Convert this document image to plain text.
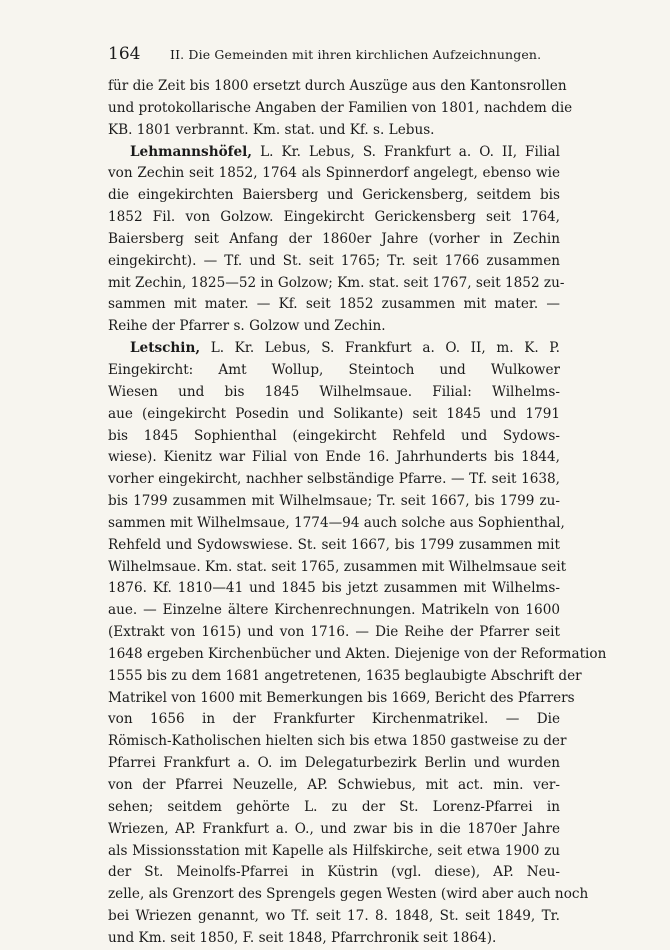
164	II. Die Gemeinden mit ihren kirchlichen Aufzeichnungen.
für die Zeit bis 1800 ersetzt durch Auszüge aus den Kantonsrollen
und protokollarische Angaben der Familien von 1801, nachdem die
KB. 1801 verbrannt. Km. stat. und Kf. s. Lebus.
Lehmannshöfel, L. Kr. Lebus, S. Frankfurt a. O. II, Filial
von Zechin seit 1852, 1764 als Spinnerdorf angelegt, ebenso wie
die eingekirchten Baiersberg und Gerickensberg, seitdem bis
1852 Fil. von Golzow. Eingekircht Gerickensberg seit 1764,
Baiersberg seit Anfang der 1860er Jahre (vorher in Zechin
eingekircht). — Tf. und St. seit 1765; Tr. seit 1766 zusammen
mit Zechin, 1825—52 in Golzow; Km. stat. seit 1767, seit 1852 zu-
sammen mit mater. — Kf. seit 1852 zusammen mit mater. —
Reihe der Pfarrer s. Golzow und Zechin.
Letschin, L. Kr. Lebus, S. Frankfurt a. O. II, m. K. P.
Eingekircht: Amt Wollup, Steintoch und Wulkower
Wiesen und bis 1845 Wilhelmsaue. Filial: Wilhelms-
aue (eingekircht Posedin und Solikante) seit 1845 und 1791
bis 1845 Sophienthal (eingekircht Rehfeld und Sydows-
wiese). Kienitz war Filial von Ende 16. Jahrhunderts bis 1844,
vorher eingekircht, nachher selbständige Pfarre. — Tf. seit 1638,
bis 1799 zusammen mit Wilhelmsaue; Tr. seit 1667, bis 1799 zu-
sammen mit Wilhelmsaue, 1774—94 auch solche aus Sophienthal,
Rehfeld und Sydowswiese. St. seit 1667, bis 1799 zusammen mit
Wilhelmsaue. Km. stat. seit 1765, zusammen mit Wilhelmsaue seit
1876. Kf. 1810—41 und 1845 bis jetzt zusammen mit Wilhelms-
aue. — Einzelne ältere Kirchenrechnungen. Matrikeln von 1600
(Extrakt von 1615) und von 1716. — Die Reihe der Pfarrer seit
1648 ergeben Kirchenbücher und Akten. Diejenige von der Reformation
1555 bis zu dem 1681 angetretenen, 1635 beglaubigte Abschrift der
Matrikel von 1600 mit Bemerkungen bis 1669, Bericht des Pfarrers
von 1656 in der Frankfurter Kirchenmatrikel. — Die
Römisch-Katholischen hielten sich bis etwa 1850 gastweise zu der
Pfarrei Frankfurt a. O. im Delegaturbezirk Berlin und wurden
von der Pfarrei Neuzelle, AP. Schwiebus, mit act. min. ver-
sehen; seitdem gehörte L. zu der St. Lorenz-Pfarrei in
Wriezen, AP. Frankfurt a. O., und zwar bis in die 1870er Jahre
als Missionsstation mit Kapelle als Hilfskirche, seit etwa 1900 zu
der St. Meinolfs-Pfarrei in Küstrin (vgl. diese), AP. Neu-
zelle, als Grenzort des Sprengels gegen Westen (wird aber auch noch
bei Wriezen genannt, wo Tf. seit 17. 8. 1848, St. seit 1849, Tr.
und Km. seit 1850, F. seit 1848, Pfarrchronik seit 1864).
